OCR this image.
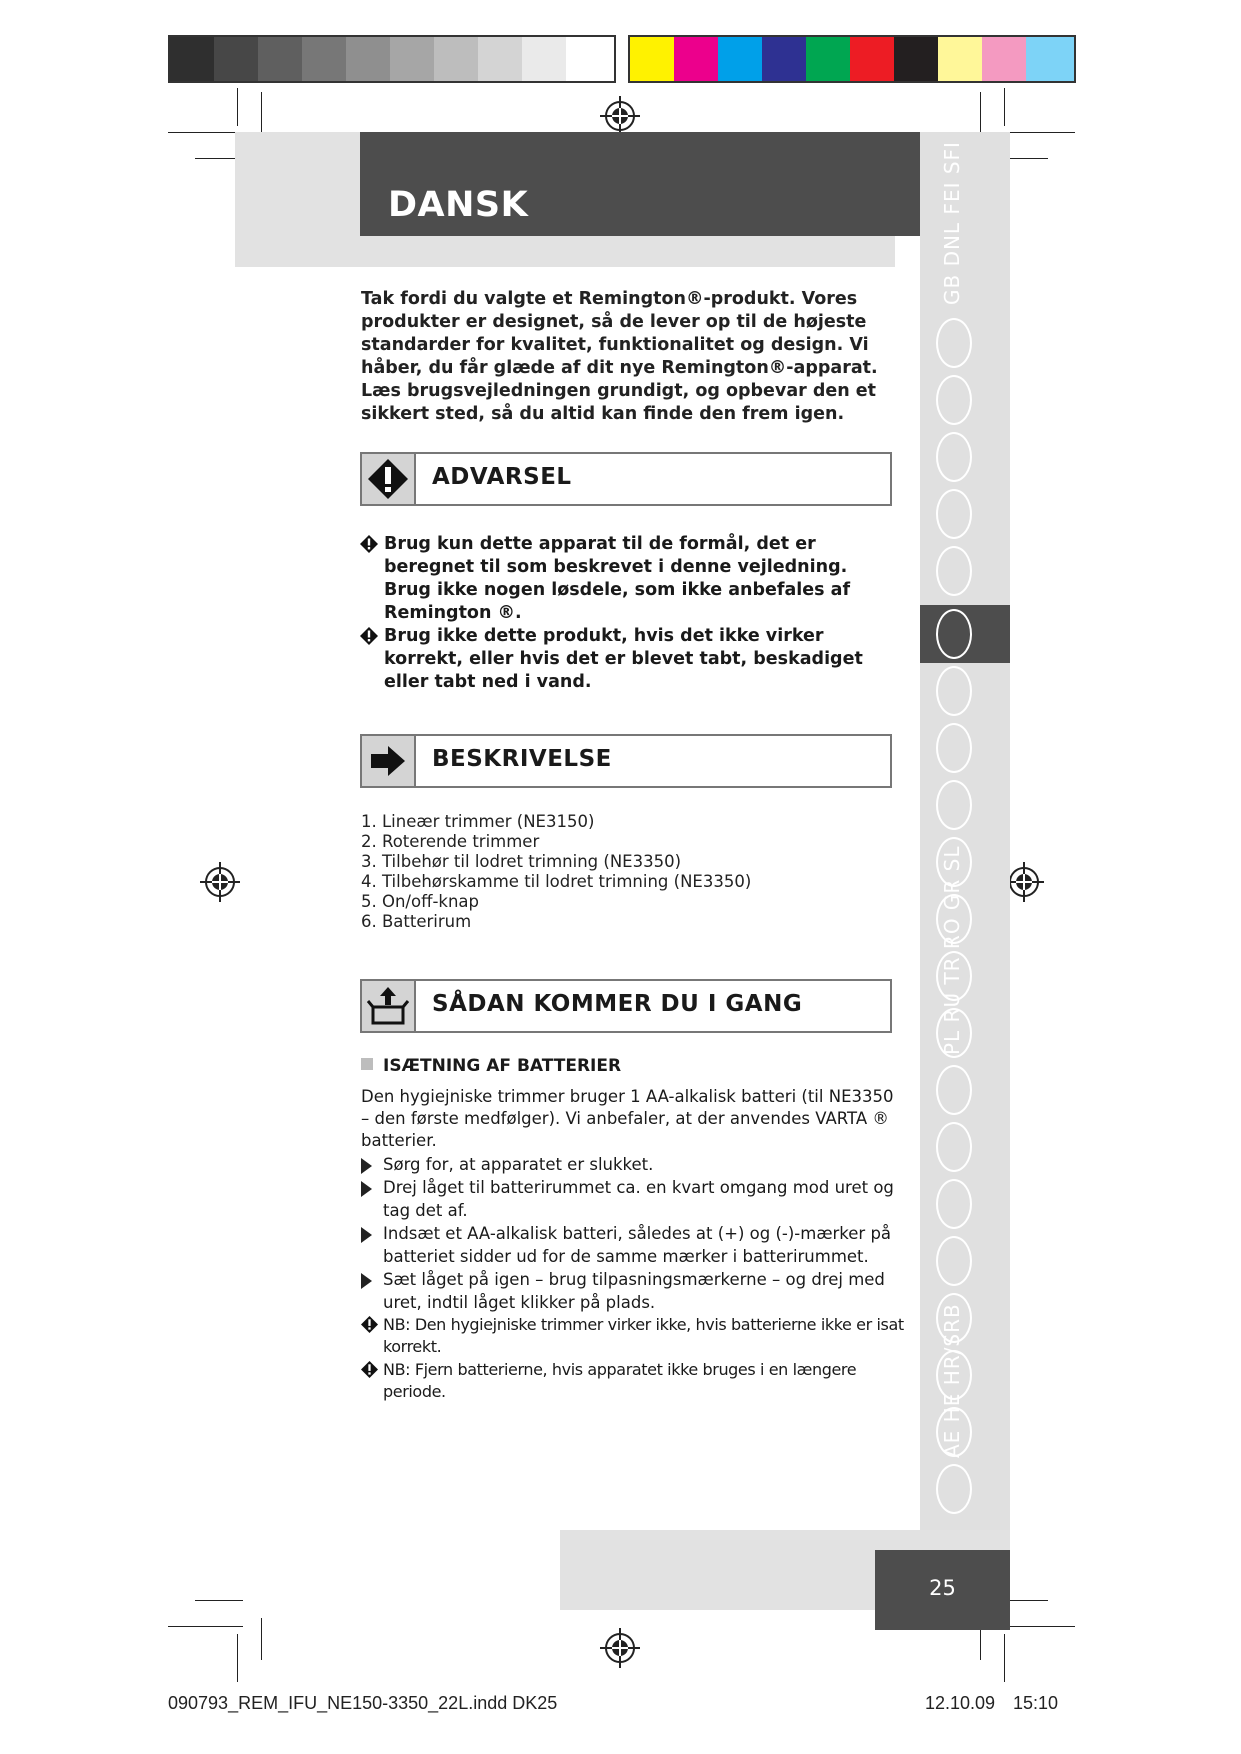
DANSK	GB DNL FEI SFI KCZ
PL RU TR RO GR SL
AE HE HR/SRB
Tak fordi du valgte et Remington®-produkt. Vores produkter er designet, så de lever op til de højeste standarder for kvalitet, funktionalitet og design. Vi håber, du får glæde af dit nye Remington®-apparat. Læs brugsvejledningen grundigt, og opbevar den et sikkert sted, så du altid kan finde den frem igen.
ADVARSEL
Brug kun dette apparat til de formål, det er beregnet til som beskrevet i denne vejledning. Brug ikke nogen løsdele, som ikke anbefales af Remington ®.
Brug ikke dette produkt, hvis det ikke virker korrekt, eller hvis det er blevet tabt, beskadiget eller tabt ned i vand.
BESKRIVELSE
1. Lineær trimmer (NE3150)
2. Roterende trimmer
3. Tilbehør til lodret trimning (NE3350)
4. Tilbehørskamme til lodret trimning (NE3350)
5. On/off-knap
6. Batterirum
SÅDAN KOMMER DU I GANG
ISÆTNING AF BATTERIER
Den hygiejniske trimmer bruger 1 AA-alkalisk batteri (til NE3350 – den første medfølger). Vi anbefaler, at der anvendes VARTA ® batterier.
Sørg for, at apparatet er slukket.
Drej låget til batterirummet ca. en kvart omgang mod uret og tag det af.
Indsæt et AA-alkalisk batteri, således at (+) og (-)-mærker på batteriet sidder ud for de samme mærker i batterirummet.
Sæt låget på igen – brug tilpasningsmærkerne – og drej med uret, indtil låget klikker på plads.
NB: Den hygiejniske trimmer virker ikke, hvis batterierne ikke er isat korrekt.
NB: Fjern batterierne, hvis apparatet ikke bruges i en længere periode.
25
090793_REM_IFU_NE150-3350_22L.indd DK25	12.10.09 15:10
